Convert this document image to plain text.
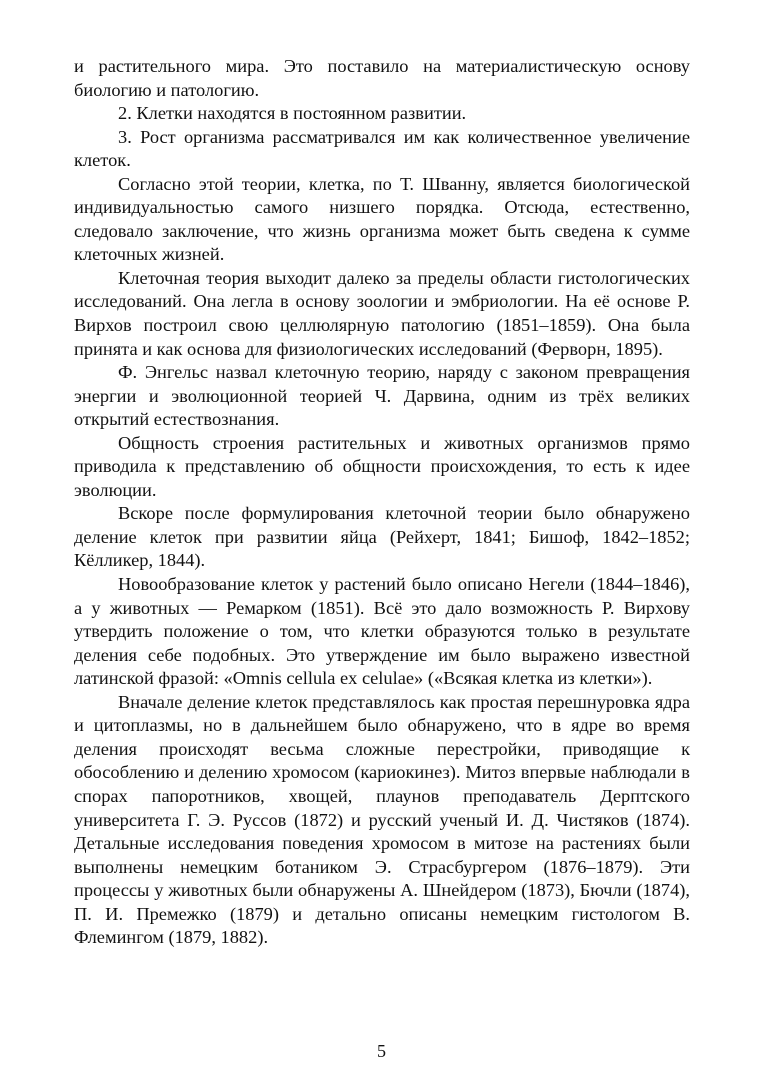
и растительного мира. Это поставило на материалистическую основу биологию и патологию.

2. Клетки находятся в постоянном развитии.

3. Рост организма рассматривался им как количественное увеличение клеток.

Согласно этой теории, клетка, по Т. Шванну, является биологической индивидуальностью самого низшего порядка. Отсюда, естественно, следовало заключение, что жизнь организма может быть сведена к сумме клеточных жизней.

Клеточная теория выходит далеко за пределы области гистологических исследований. Она легла в основу зоологии и эмбриологии. На её основе Р. Вирхов построил свою целлюлярную патологию (1851–1859). Она была принята и как основа для физиологических исследований (Ферворн, 1895).

Ф. Энгельс назвал клеточную теорию, наряду с законом превращения энергии и эволюционной теорией Ч. Дарвина, одним из трёх великих открытий естествознания.

Общность строения растительных и животных организмов прямо приводила к представлению об общности происхождения, то есть к идее эволюции.

Вскоре после формулирования клеточной теории было обнаружено деление клеток при развитии яйца (Рейхерт, 1841; Бишоф, 1842–1852; Кёлликер, 1844).

Новообразование клеток у растений было описано Негели (1844–1846), а у животных — Ремарком (1851). Всё это дало возможность Р. Вирхову утвердить положение о том, что клетки образуются только в результате деления себе подобных. Это утверждение им было выражено известной латинской фразой: «Omnis cellula ex celulae» («Всякая клетка из клетки»).

Вначале деление клеток представлялось как простая перешнуровка ядра и цитоплазмы, но в дальнейшем было обнаружено, что в ядре во время деления происходят весьма сложные перестройки, приводящие к обособлению и делению хромосом (кариокинез). Митоз впервые наблюдали в спорах папоротников, хвощей, плаунов преподаватель Дерптского университета Г. Э. Руссов (1872) и русский ученый И. Д. Чистяков (1874). Детальные исследования поведения хромосом в митозе на растениях были выполнены немецким ботаником Э. Страсбургером (1876–1879). Эти процессы у животных были обнаружены А. Шнейдером (1873), Бючли (1874), П. И. Премежко (1879) и детально описаны немецким гистологом В. Флемингом (1879, 1882).

5
